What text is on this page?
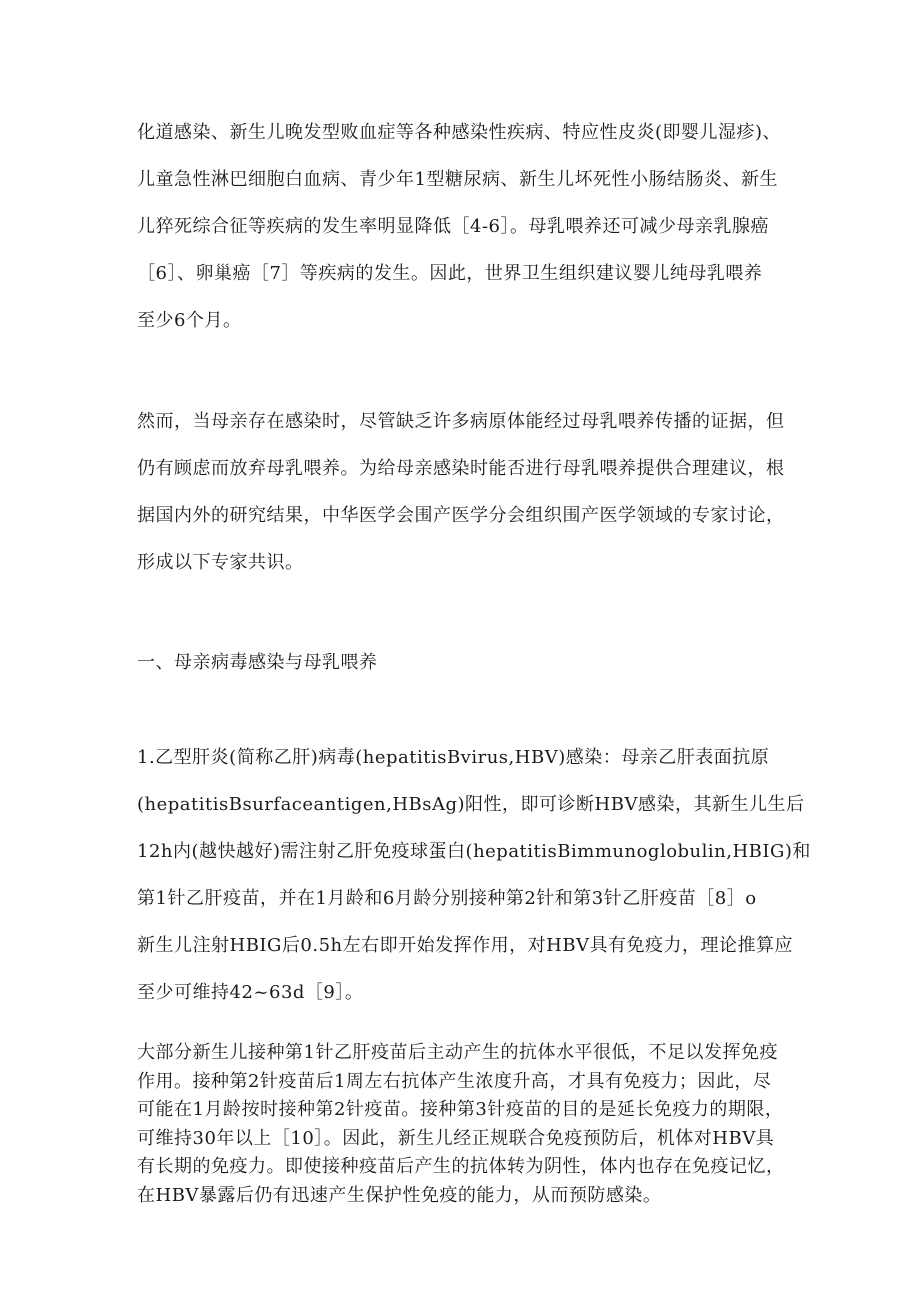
化道感染、新生儿晚发型败血症等各种感染性疾病、特应性皮炎(即婴儿湿疹)、
儿童急性淋巴细胞白血病、青少年1型糖尿病、新生儿坏死性小肠结肠炎、新生
儿猝死综合征等疾病的发生率明显降低［4-6］。母乳喂养还可减少母亲乳腺癌
［6］、卵巢癌［7］等疾病的发生。因此，世界卫生组织建议婴儿纯母乳喂养
至少6个月。

然而，当母亲存在感染时，尽管缺乏许多病原体能经过母乳喂养传播的证据，但
仍有顾虑而放弃母乳喂养。为给母亲感染时能否进行母乳喂养提供合理建议，根
据国内外的研究结果，中华医学会围产医学分会组织围产医学领域的专家讨论，
形成以下专家共识。

一、母亲病毒感染与母乳喂养

1.乙型肝炎(简称乙肝)病毒(hepatitisBvirus,HBV)感染：母亲乙肝表面抗原
(hepatitisBsurfaceantigen,HBsAg)阳性，即可诊断HBV感染，其新生儿生后
12h内(越快越好)需注射乙肝免疫球蛋白(hepatitisBimmunoglobulin,HBIG)和
第1针乙肝疫苗，并在1月龄和6月龄分别接种第2针和第3针乙肝疫苗［8］o
新生儿注射HBIG后0.5h左右即开始发挥作用，对HBV具有免疫力，理论推算应
至少可维持42~63d［9］。

大部分新生儿接种第1针乙肝疫苗后主动产生的抗体水平很低，不足以发挥免疫
作用。接种第2针疫苗后1周左右抗体产生浓度升高，才具有免疫力；因此，尽
可能在1月龄按时接种第2针疫苗。接种第3针疫苗的目的是延长免疫力的期限，
可维持30年以上［10］。因此，新生儿经正规联合免疫预防后，机体对HBV具
有长期的免疫力。即使接种疫苗后产生的抗体转为阴性，体内也存在免疫记忆，
在HBV暴露后仍有迅速产生保护性免疫的能力，从而预防感染。
